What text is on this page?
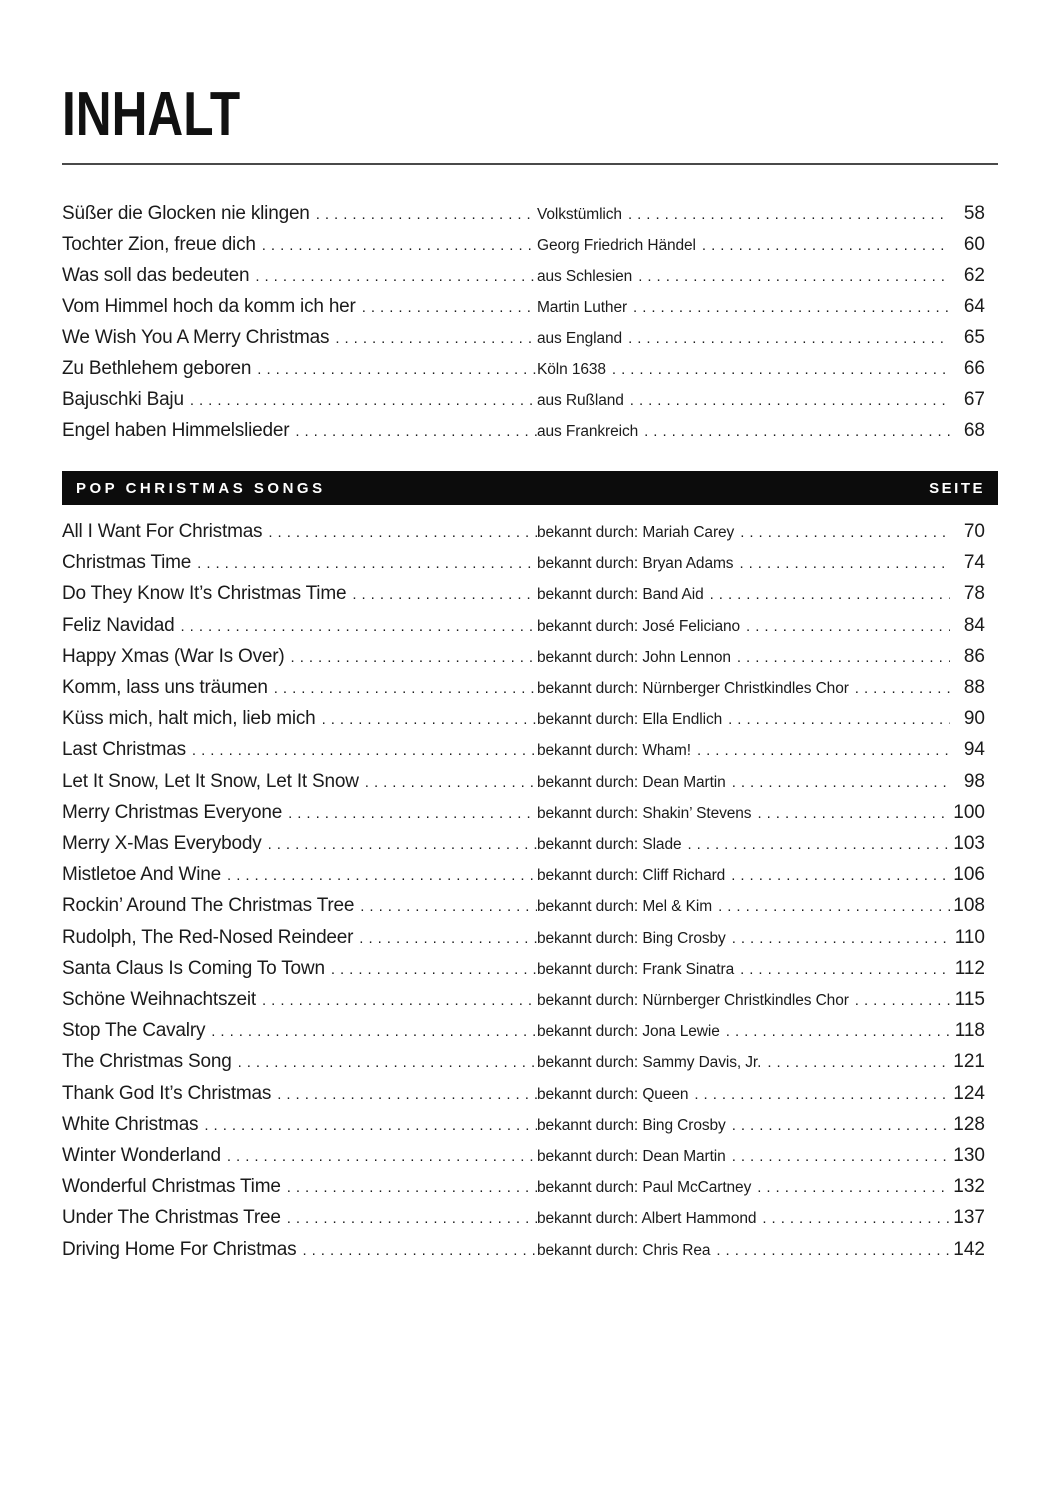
INHALT
Süßer die Glocken nie klingen .....	Volkstümlich .....	58
Tochter Zion, freue dich .....	Georg Friedrich Händel .....	60
Was soll das bedeuten .....	aus Schlesien .....	62
Vom Himmel hoch da komm ich her .....	Martin Luther .....	64
We Wish You A Merry Christmas .....	aus England .....	65
Zu Bethlehem geboren .....	Köln 1638 .....	66
Bajuschki Baju .....	aus Rußland .....	67
Engel haben Himmelslieder .....	aus Frankreich .....	68
POP CHRISTMAS SONGS	SEITE
All I Want For Christmas .....	bekannt durch: Mariah Carey .....	70
Christmas Time .....	bekannt durch: Bryan Adams .....	74
Do They Know It’s Christmas Time .....	bekannt durch: Band Aid .....	78
Feliz Navidad .....	bekannt durch: José Feliciano .....	84
Happy Xmas (War Is Over) .....	bekannt durch: John Lennon .....	86
Komm, lass uns träumen .....	bekannt durch: Nürnberger Christkindles Chor .....	88
Küss mich, halt mich, lieb mich .....	bekannt durch: Ella Endlich .....	90
Last Christmas .....	bekannt durch: Wham! .....	94
Let It Snow, Let It Snow, Let It Snow .....	bekannt durch: Dean Martin .....	98
Merry Christmas Everyone .....	bekannt durch: Shakin’ Stevens .....	100
Merry X-Mas Everybody .....	bekannt durch: Slade .....	103
Mistletoe And Wine .....	bekannt durch: Cliff Richard .....	106
Rockin’ Around The Christmas Tree .....	bekannt durch: Mel & Kim .....	108
Rudolph, The Red-Nosed Reindeer .....	bekannt durch: Bing Crosby .....	110
Santa Claus Is Coming To Town .....	bekannt durch: Frank Sinatra .....	112
Schöne Weihnachtszeit .....	bekannt durch: Nürnberger Christkindles Chor .....	115
Stop The Cavalry .....	bekannt durch: Jona Lewie .....	118
The Christmas Song .....	bekannt durch: Sammy Davis, Jr. .....	121
Thank God It’s Christmas .....	bekannt durch: Queen .....	124
White Christmas .....	bekannt durch: Bing Crosby .....	128
Winter Wonderland .....	bekannt durch: Dean Martin .....	130
Wonderful Christmas Time .....	bekannt durch: Paul McCartney .....	132
Under The Christmas Tree .....	bekannt durch: Albert Hammond .....	137
Driving Home For Christmas .....	bekannt durch: Chris Rea .....	142
